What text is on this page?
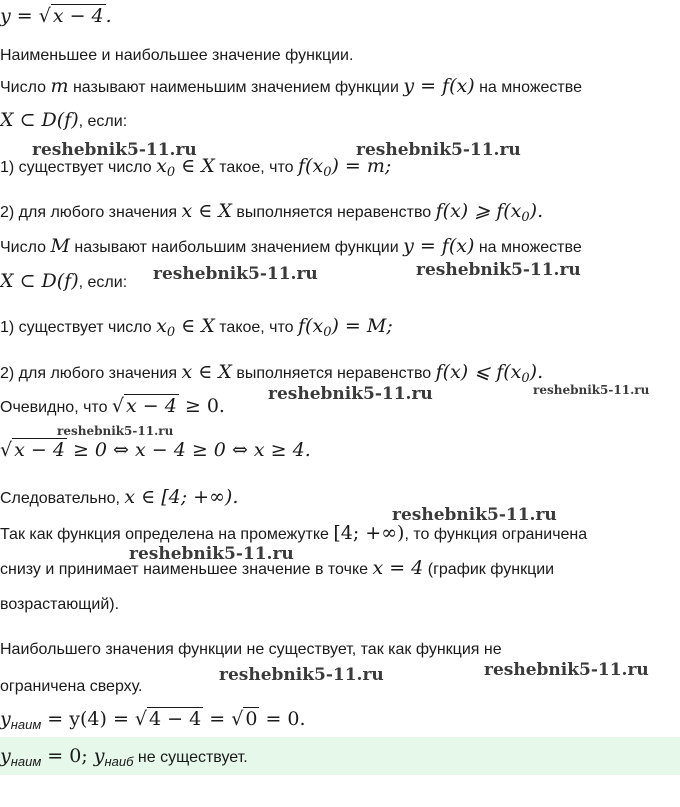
y = √ x − 4 .
Наименьшее и наибольшее значение функции.
Число m называют наименьшим значением функции y = f(x) на множестве
X ⊂ D(f), если:
1) существует число $x_0$ ∈ X такое, что $f(x_0) = m$;
2) для любого значения x ∈ X выполняется неравенство f(x) ⩾ $f(x_0)$.
Число M называют наибольшим значением функции y = f(x) на множестве
X ⊂ D(f), если:
1) существует число $x_0$ ∈ X такое, что $f(x_0) = M$;
2) для любого значения x ∈ X выполняется неравенство f(x) ⩽ $f(x_0)$.
Очевидно, что √ x − 4 ≥ 0.
√ x − 4 ≥ 0 ⇔ x − 4 ≥ 0 ⇔ x ≥ 4.
Следовательно, x ∈ [4; +∞).
Так как функция определена на промежутке [4; +∞), то функция ограничена
снизу и принимает наименьшее значение в точке x = 4 (график функции
возрастающий).
Наибольшего значения функции не существует, так как функция не
ограничена сверху.
$y_{наим} = y(4)$ = √ 4 − 4 = √ 0 = 0.
$y_{наим} = 0$; $y_{наиб}$ не существует.
reshebnik5-11.ru	reshebnik5-11.ru
reshebnik5-11.ru	reshebnik5-11.ru
reshebnik5-11.ru	reshebnik5-11.ru
reshebnik5-11.ru
reshebnik5-11.ru
reshebnik5-11.ru
reshebnik5-11.ru	reshebnik5-11.ru
